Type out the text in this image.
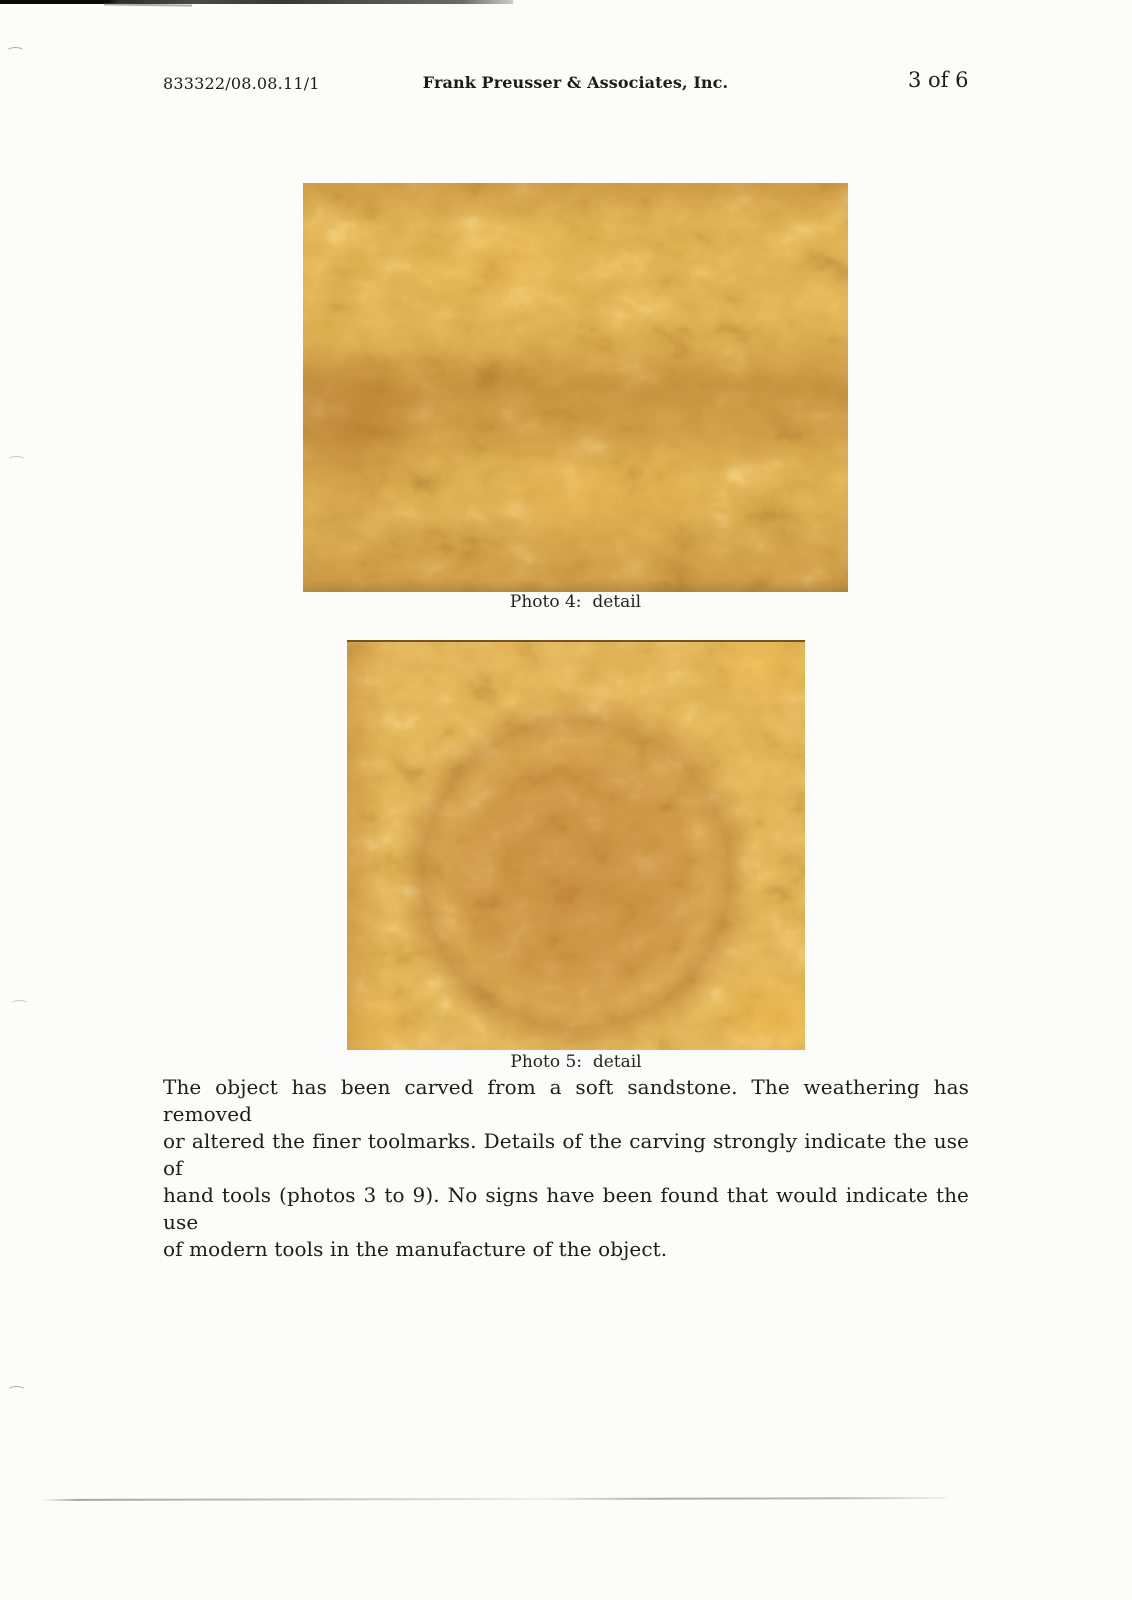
833322/08.08.11/1	Frank Preusser & Associates, Inc.	3 of 6
Photo 4:  detail
Photo 5:  detail
The object has been carved from a soft sandstone. The weathering has removed
or altered the finer toolmarks. Details of the carving strongly indicate the use of
hand tools (photos 3 to 9). No signs have been found that would indicate the use
of modern tools in the manufacture of the object.
